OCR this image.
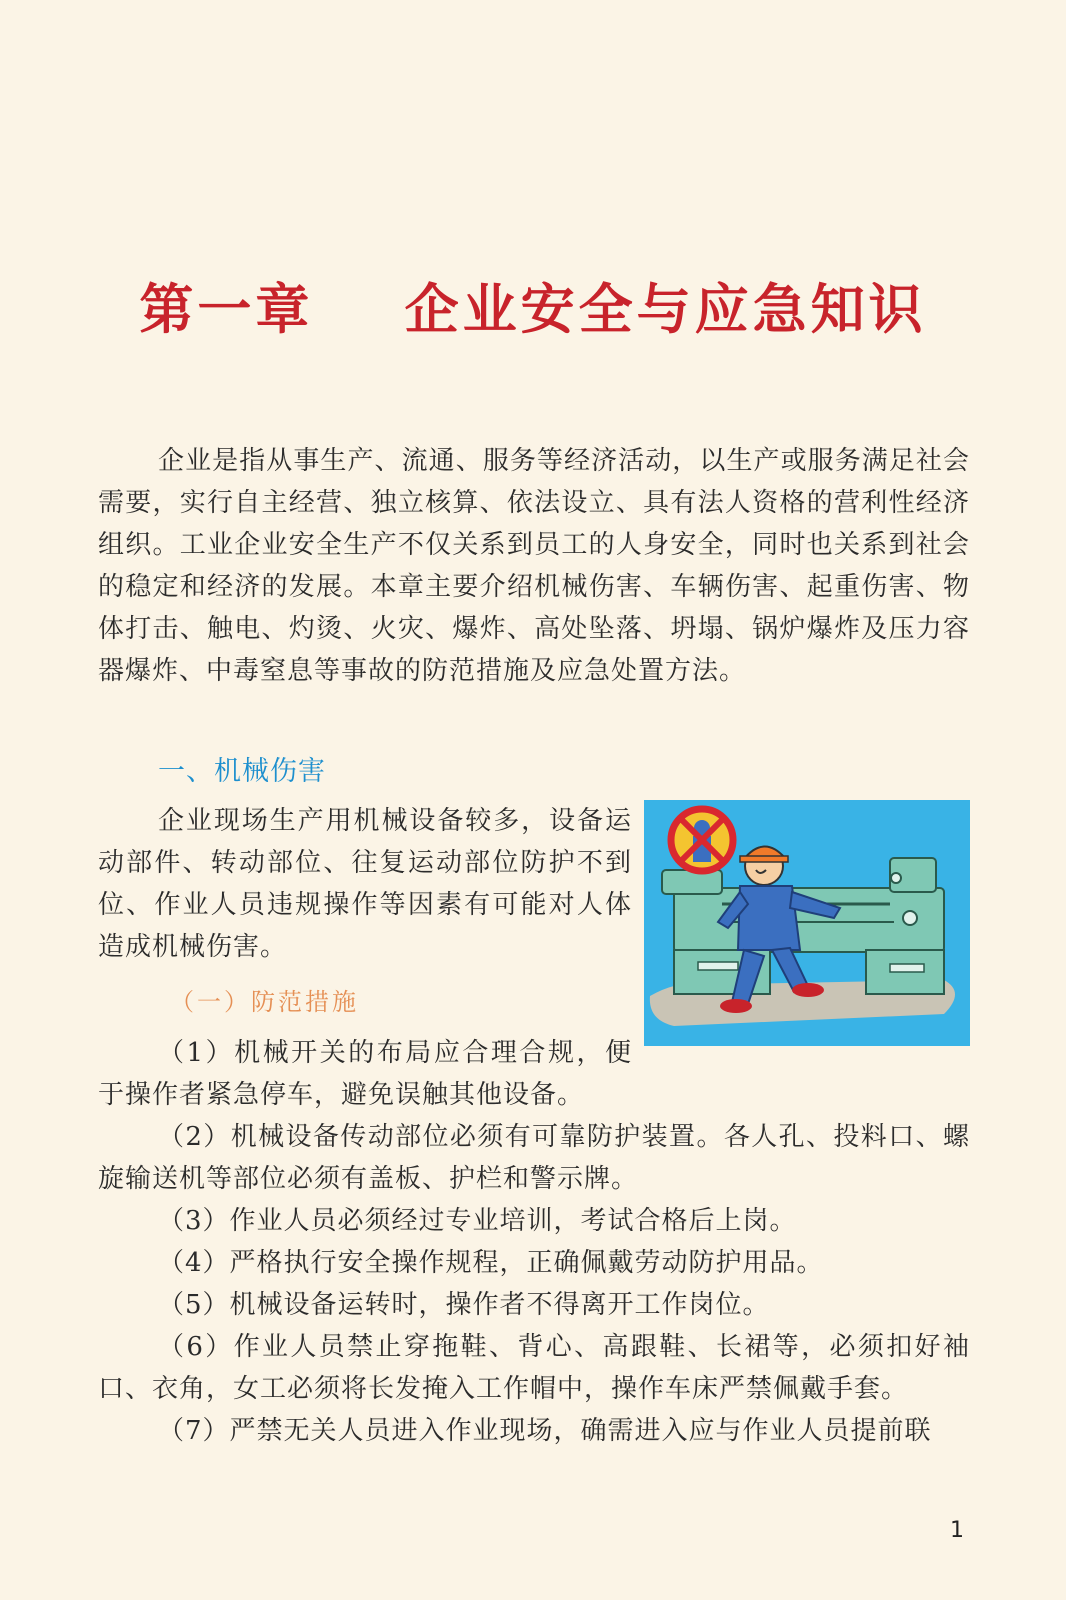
第一章    企业安全与应急知识

企业是指从事生产、流通、服务等经济活动，以生产或服务满足社会需要，实行自主经营、独立核算、依法设立、具有法人资格的营利性经济组织。工业企业安全生产不仅关系到员工的人身安全，同时也关系到社会的稳定和经济的发展。本章主要介绍机械伤害、车辆伤害、起重伤害、物体打击、触电、灼烫、火灾、爆炸、高处坠落、坍塌、锅炉爆炸及压力容器爆炸、中毒窒息等事故的防范措施及应急处置方法。

一、机械伤害

企业现场生产用机械设备较多，设备运动部件、转动部位、往复运动部位防护不到位、作业人员违规操作等因素有可能对人体造成机械伤害。

（一）防范措施
（1）机械开关的布局应合理合规，便于操作者紧急停车，避免误触其他设备。
（2）机械设备传动部位必须有可靠防护装置。各人孔、投料口、螺旋输送机等部位必须有盖板、护栏和警示牌。
（3）作业人员必须经过专业培训，考试合格后上岗。
（4）严格执行安全操作规程，正确佩戴劳动防护用品。
（5）机械设备运转时，操作者不得离开工作岗位。
（6）作业人员禁止穿拖鞋、背心、高跟鞋、长裙等，必须扣好袖口、衣角，女工必须将长发掩入工作帽中，操作车床严禁佩戴手套。
（7）严禁无关人员进入作业现场，确需进入应与作业人员提前联
1
